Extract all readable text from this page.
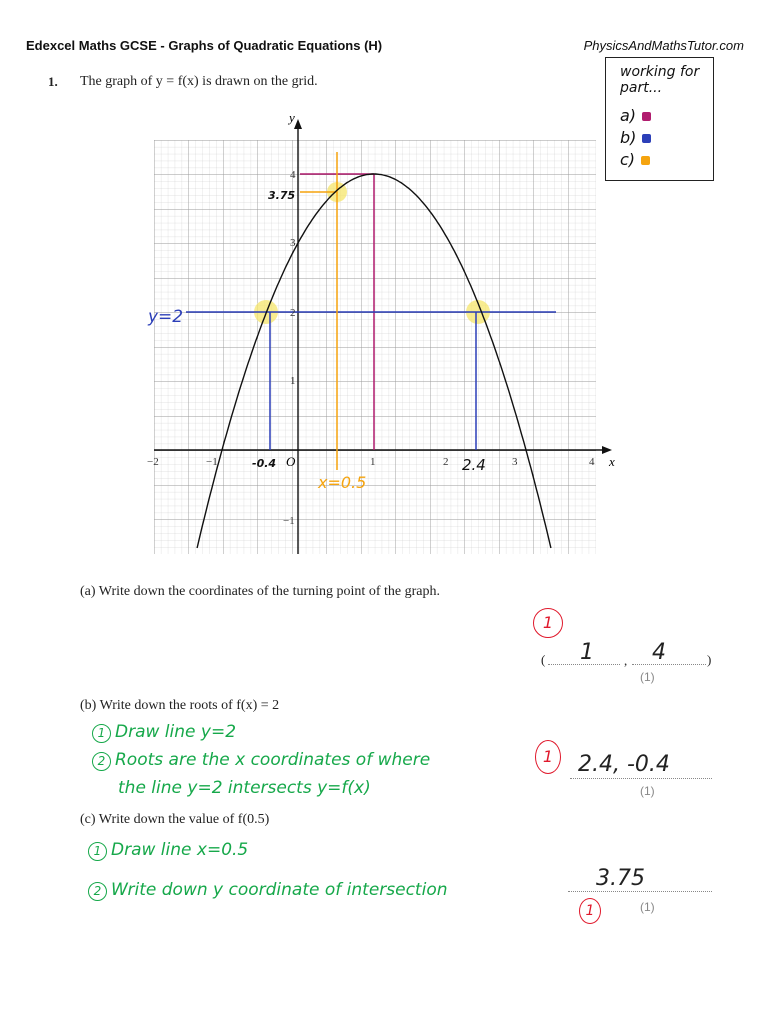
Edexcel Maths GCSE - Graphs of Quadratic Equations (H)	PhysicsAndMathsTutor.com
1. The graph of y = f(x) is drawn on the grid.
working for
part...
a)
b)
c)
y
x
O
−2	−1	1	2	3	4
4
3
2
1
−1
y=2
x=0.5
3.75
-0.4	2.4
(a) Write down the coordinates of the turning point of the graph.
1
( 1 , 4	)
(1)
(b) Write down the roots of f(x) = 2
1 Draw line y=2
2 Roots are the x coordinates of where
the line y=2 intersects y=f(x)
1	2.4, -0.4
(1)
(c) Write down the value of f(0.5)
1 Draw line x=0.5
2 Write down y coordinate of intersection	3.75
1	(1)
